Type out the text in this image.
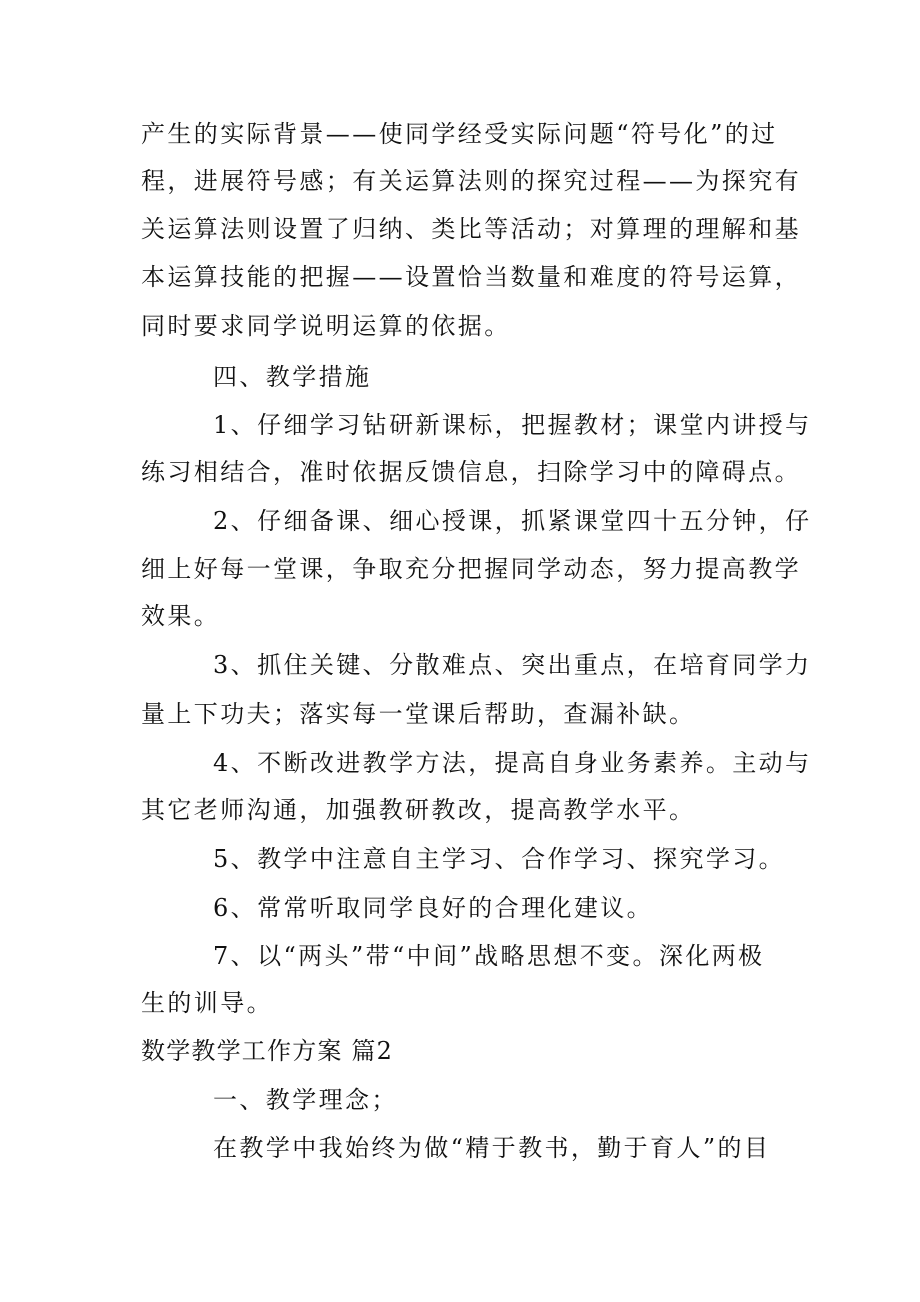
产生的实际背景——使同学经受实际问题“符号化”的过
程，进展符号感；有关运算法则的探究过程——为探究有
关运算法则设置了归纳、类比等活动；对算理的理解和基
本运算技能的把握——设置恰当数量和难度的符号运算，
同时要求同学说明运算的依据。
四、教学措施
1、仔细学习钻研新课标，把握教材；课堂内讲授与
练习相结合，准时依据反馈信息，扫除学习中的障碍点。
2、仔细备课、细心授课，抓紧课堂四十五分钟，仔
细上好每一堂课，争取充分把握同学动态，努力提高教学
效果。
3、抓住关键、分散难点、突出重点，在培育同学力
量上下功夫；落实每一堂课后帮助，查漏补缺。
4、不断改进教学方法，提高自身业务素养。主动与
其它老师沟通，加强教研教改，提高教学水平。
5、教学中注意自主学习、合作学习、探究学习。
6、常常听取同学良好的合理化建议。
7、以“两头”带“中间”战略思想不变。深化两极
生的训导。
数学教学工作方案 篇2
一、教学理念；
在教学中我始终为做“精于教书，勤于育人”的目
